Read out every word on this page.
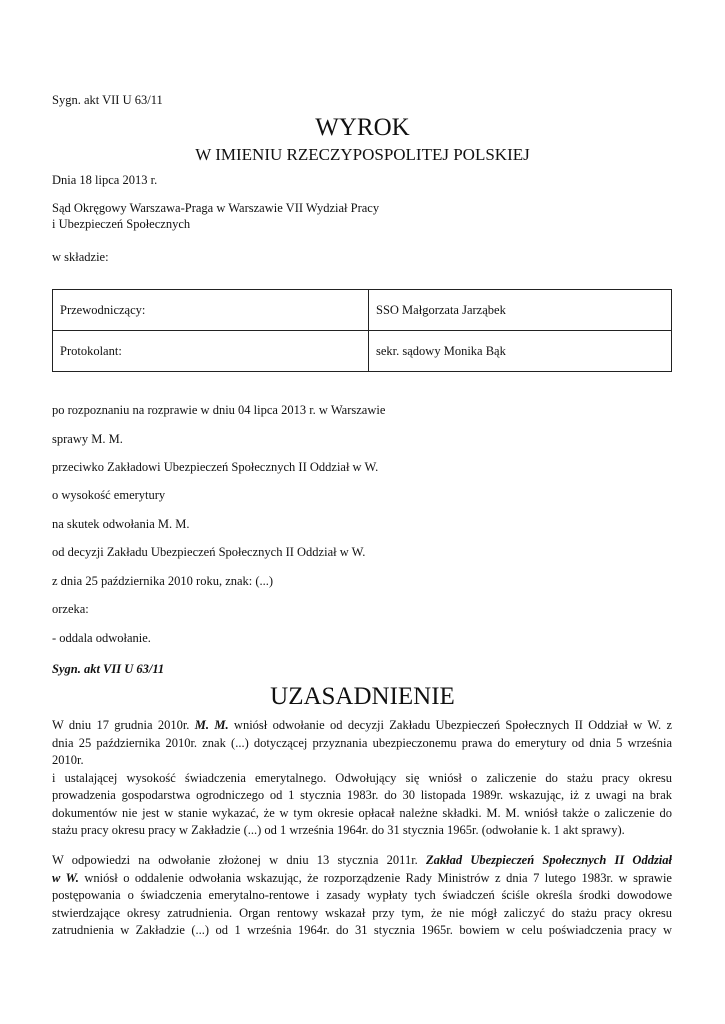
Sygn. akt VII U 63/11
WYROK
W IMIENIU RZECZYPOSPOLITEJ POLSKIEJ
Dnia 18 lipca 2013 r.
Sąd Okręgowy Warszawa-Praga w Warszawie VII Wydział Pracy
i Ubezpieczeń Społecznych
w składzie:
Przewodniczący:	SSO Małgorzata Jarząbek
Protokolant:	sekr. sądowy Monika Bąk
po rozpoznaniu na rozprawie w dniu 04 lipca 2013 r. w Warszawie
sprawy M. M.
przeciwko Zakładowi Ubezpieczeń Społecznych II Oddział w W.
o wysokość emerytury
na skutek odwołania M. M.
od decyzji Zakładu Ubezpieczeń Społecznych II Oddział w W.
z dnia 25 października 2010 roku, znak: (...)
orzeka:
- oddala odwołanie.
Sygn. akt VII U 63/11
UZASADNIENIE
W dniu 17 grudnia 2010r. M. M. wniósł odwołanie od decyzji Zakładu Ubezpieczeń Społecznych II Oddział w W. z
dnia 25 października 2010r. znak (...) dotyczącej przyznania ubezpieczonemu prawa do emerytury od dnia 5 września
2010r.
i ustalającej wysokość świadczenia emerytalnego. Odwołujący się wniósł o zaliczenie do stażu pracy okresu
prowadzenia gospodarstwa ogrodniczego od 1 stycznia 1983r. do 30 listopada 1989r. wskazując, iż z uwagi na brak
dokumentów nie jest w stanie wykazać, że w tym okresie opłacał należne składki. M. M. wniósł także o zaliczenie do
stażu pracy okresu pracy w Zakładzie (...) od 1 września 1964r. do 31 stycznia 1965r. (odwołanie k. 1 akt sprawy).
W odpowiedzi na odwołanie złożonej w dniu 13 stycznia 2011r. Zakład Ubezpieczeń Społecznych II Oddział
w W. wniósł o oddalenie odwołania wskazując, że rozporządzenie Rady Ministrów z dnia 7 lutego 1983r. w sprawie
postępowania o świadczenia emerytalno-rentowe i zasady wypłaty tych świadczeń ściśle określa środki dowodowe
stwierdzające okresy zatrudnienia. Organ rentowy wskazał przy tym, że nie mógł zaliczyć do stażu pracy okresu
zatrudnienia w Zakładzie (...) od 1 września 1964r. do 31 stycznia 1965r. bowiem w celu poświadczenia pracy w
